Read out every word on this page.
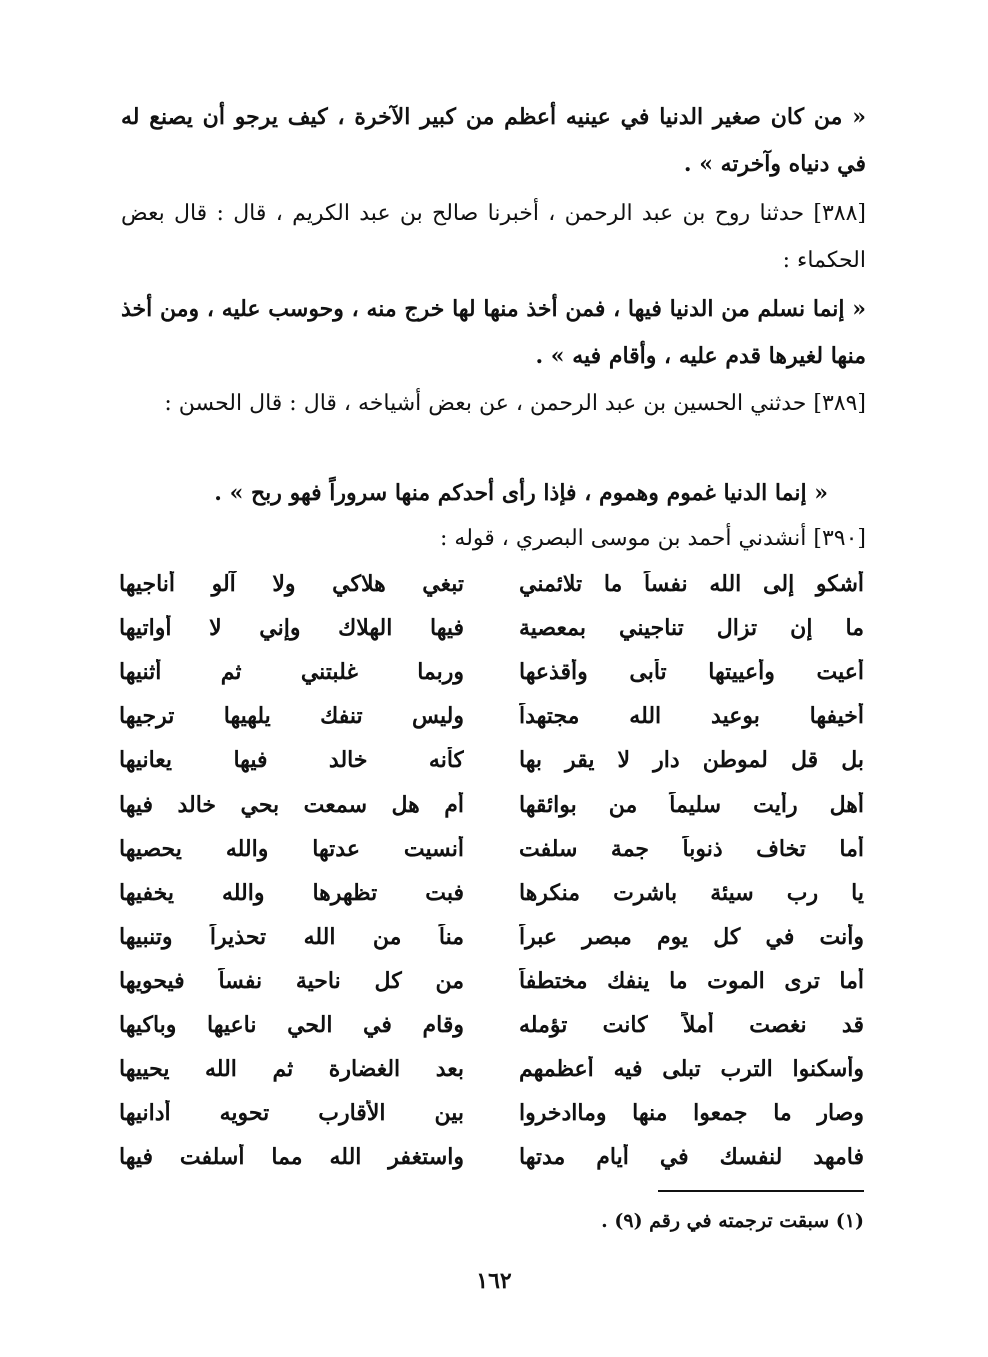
« من كان صغير الدنيا في عينيه أعظم من كبير الآخرة ، كيف يرجو أن يصنع له في دنياه وآخرته » .
[٣٨٨] حدثنا روح بن عبد الرحمن ، أخبرنا صالح بن عبد الكريم ، قال : قال بعض الحكماء :
« إنما نسلم من الدنيا فيها ، فمن أخذ منها لها خرج منه ، وحوسب عليه ، ومن أخذ منها لغيرها قدم عليه ، وأقام فيه » .
[٣٨٩] حدثني الحسين بن عبد الرحمن ، عن بعض أشياخه ، قال : قال الحسن :
« إنما الدنيا غموم وهموم ، فإذا رأى أحدكم منها سروراً فهو ربح » .
[٣٩٠] أنشدني أحمد بن موسى البصري ، قوله :
أشكو إلى الله نفساً ما تلائمني
تبغي هلاكي ولا آلو أناجيها
ما إن تزال تناجيني بمعصية
فيها الهلاك وإني لا أواتيها
أعيت وأعييتها تأبى وأقذعها
وربما غلبتني ثم أثنيها
أخيفها بوعيد الله مجتهداً
وليس تنفك يلهيها ترجيها
بل قل لموطن دار لا يقر بها
كأنه خالد فيها يعانيها
أهل رأيت سليماً من بوائقها
أم هل سمعت بحي خالد فيها
أما تخاف ذنوباً جمة سلفت
أنسيت عدتها والله يحصيها
يا رب سيئة باشرت منكرها
فبت تظهرها والله يخفيها
وأنت في كل يوم مبصر عبراً
مناً من الله تحذيراً وتنبيها
أما ترى الموت ما ينفك مختطفاً
من كل ناحية نفساً فيحويها
قد نغصت أملاً كانت تؤمله
وقام في الحي ناعيها وباكيها
وأسكنوا الترب تبلى فيه أعظمهم
بعد الغضارة ثم الله يحييها
وصار ما جمعوا منها وماادخروا
بين الأقارب تحويه أدانيها
فامهد لنفسك في أيام مدتها
واستغفر الله مما أسلفت فيها
(١) سبقت ترجمته في رقم (٩) .
١٦٢
